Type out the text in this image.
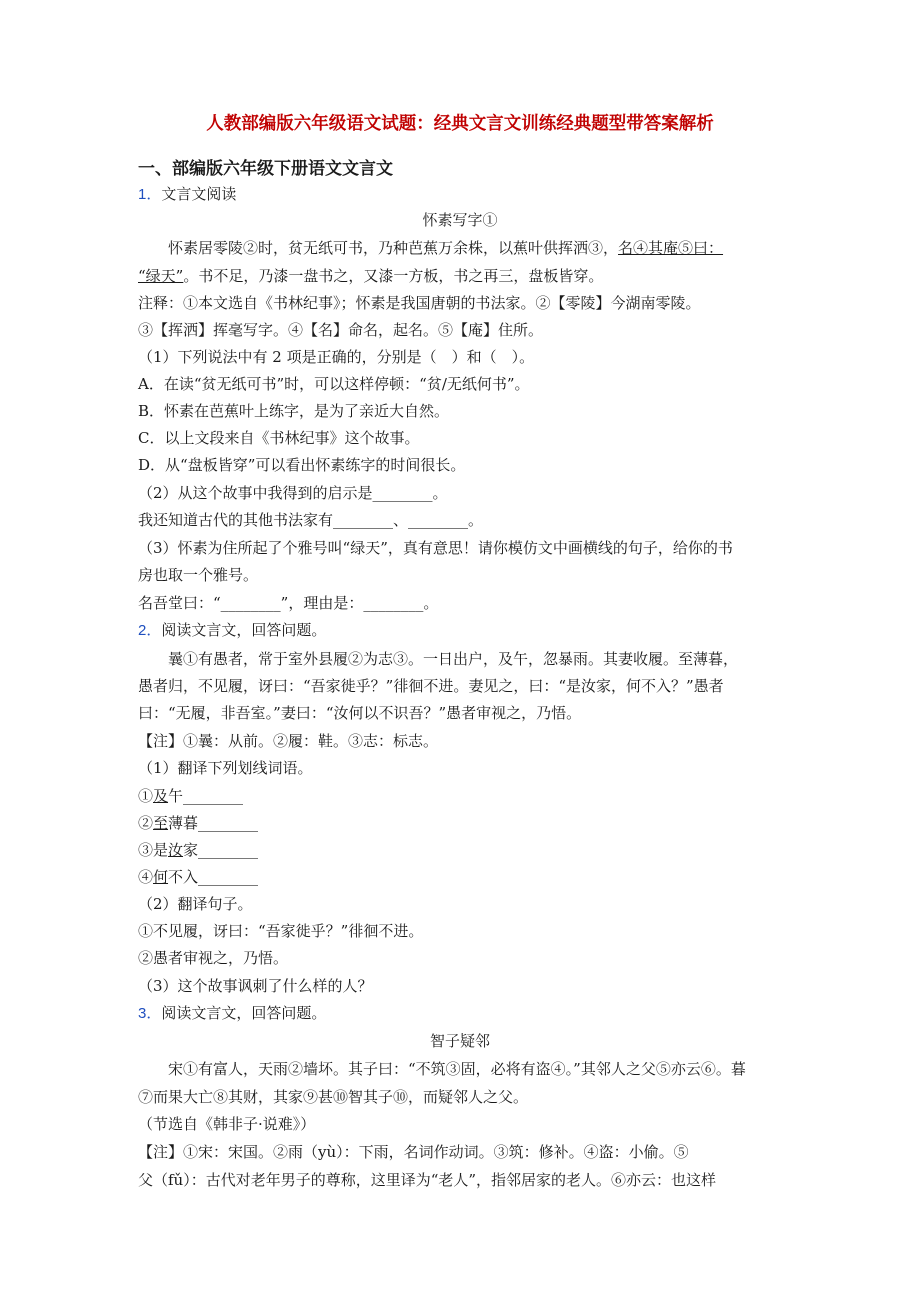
人教部编版六年级语文试题：经典文言文训练经典题型带答案解析
一、部编版六年级下册语文文言文
1．文言文阅读
怀素写字①
怀素居零陵②时，贫无纸可书，乃种芭蕉万余株，以蕉叶供挥洒③，名④其庵⑤曰：
“绿天”。书不足，乃漆一盘书之，又漆一方板，书之再三，盘板皆穿。
注释：①本文选自《书林纪事》；怀素是我国唐朝的书法家。②【零陵】今湖南零陵。
③【挥洒】挥毫写字。④【名】命名，起名。⑤【庵】住所。
（1）下列说法中有 2 项是正确的，分别是（　）和（　）。
A．在读“贫无纸可书”时，可以这样停顿：“贫/无纸何书”。
B．怀素在芭蕉叶上练字，是为了亲近大自然。
C．以上文段来自《书林纪事》这个故事。
D．从“盘板皆穿”可以看出怀素练字的时间很长。
（2）从这个故事中我得到的启示是________。
我还知道古代的其他书法家有________、________。
（3）怀素为住所起了个雅号叫“绿天”，真有意思！请你模仿文中画横线的句子，给你的书
房也取一个雅号。
名吾堂曰：“________”，理由是：________。
2．阅读文言文，回答问题。
曩①有愚者，常于室外县履②为志③。一日出户，及午，忽暴雨。其妻收履。至薄暮，
愚者归，不见履，讶曰：“吾家徙乎？”徘徊不进。妻见之，曰：“是汝家，何不入？”愚者
曰：“无履，非吾室。”妻曰：“汝何以不识吾？”愚者审视之，乃悟。
【注】①曩：从前。②履：鞋。③志：标志。
（1）翻译下列划线词语。
①及午________
②至薄暮________
③是汝家________
④何不入________
（2）翻译句子。
①不见履，讶曰：“吾家徙乎？”徘徊不进。
②愚者审视之，乃悟。
（3）这个故事讽刺了什么样的人？
3．阅读文言文，回答问题。
智子疑邻
宋①有富人，天雨②墙坏。其子曰：“不筑③固，必将有盗④。”其邻人之父⑤亦云⑥。暮
⑦而果大亡⑧其财，其家⑨甚⑩智其子⑩，而疑邻人之父。
（节选自《韩非子·说难》）
【注】①宋：宋国。②雨（yù）：下雨，名词作动词。③筑：修补。④盗：小偷。⑤
父（fǔ）：古代对老年男子的尊称，这里译为“老人”，指邻居家的老人。⑥亦云：也这样
